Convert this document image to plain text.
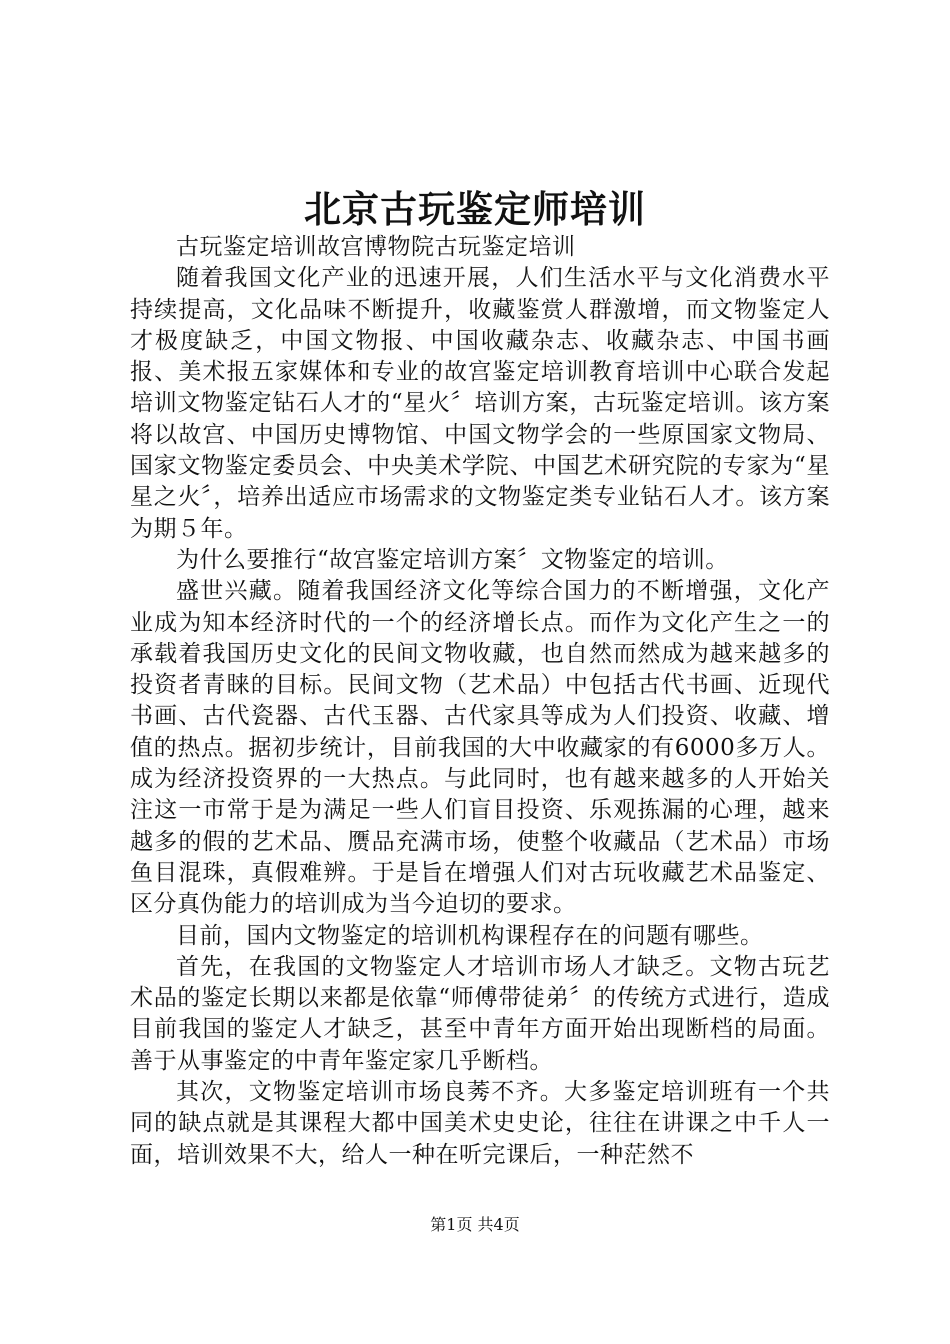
北京古玩鉴定师培训

古玩鉴定培训故宫博物院古玩鉴定培训

随着我国文化产业的迅速开展，人们生活水平与文化消费水平持续提高，文化品味不断提升，收藏鉴赏人群激增，而文物鉴定人才极度缺乏，中国文物报、中国收藏杂志、收藏杂志、中国书画报、美术报五家媒体和专业的故宫鉴定培训教育培训中心联合发起培训文物鉴定钻石人才的“星火〞培训方案，古玩鉴定培训。该方案将以故宫、中国历史博物馆、中国文物学会的一些原国家文物局、国家文物鉴定委员会、中央美术学院、中国艺术研究院的专家为“星星之火〞，培养出适应市场需求的文物鉴定类专业钻石人才。该方案为期５年。

为什么要推行“故宫鉴定培训方案〞文物鉴定的培训。

盛世兴藏。随着我国经济文化等综合国力的不断增强，文化产业成为知本经济时代的一个的经济增长点。而作为文化产生之一的承载着我国历史文化的民间文物收藏，也自然而然成为越来越多的投资者青睐的目标。民间文物（艺术品）中包括古代书画、近现代书画、古代瓷器、古代玉器、古代家具等成为人们投资、收藏、增值的热点。据初步统计，目前我国的大中收藏家的有6000多万人。成为经济投资界的一大热点。与此同时，也有越来越多的人开始关注这一市常于是为满足一些人们盲目投资、乐观拣漏的心理，越来越多的假的艺术品、赝品充满市场，使整个收藏品（艺术品）市场鱼目混珠，真假难辨。于是旨在增强人们对古玩收藏艺术品鉴定、区分真伪能力的培训成为当今迫切的要求。

目前，国内文物鉴定的培训机构课程存在的问题有哪些。

首先，在我国的文物鉴定人才培训市场人才缺乏。文物古玩艺术品的鉴定长期以来都是依靠“师傅带徒弟〞的传统方式进行，造成目前我国的鉴定人才缺乏，甚至中青年方面开始出现断档的局面。善于从事鉴定的中青年鉴定家几乎断档。

其次，文物鉴定培训市场良莠不齐。大多鉴定培训班有一个共同的缺点就是其课程大都中国美术史史论，往往在讲课之中千人一面，培训效果不大，给人一种在听完课后，一种茫然不

第1页 共4页
